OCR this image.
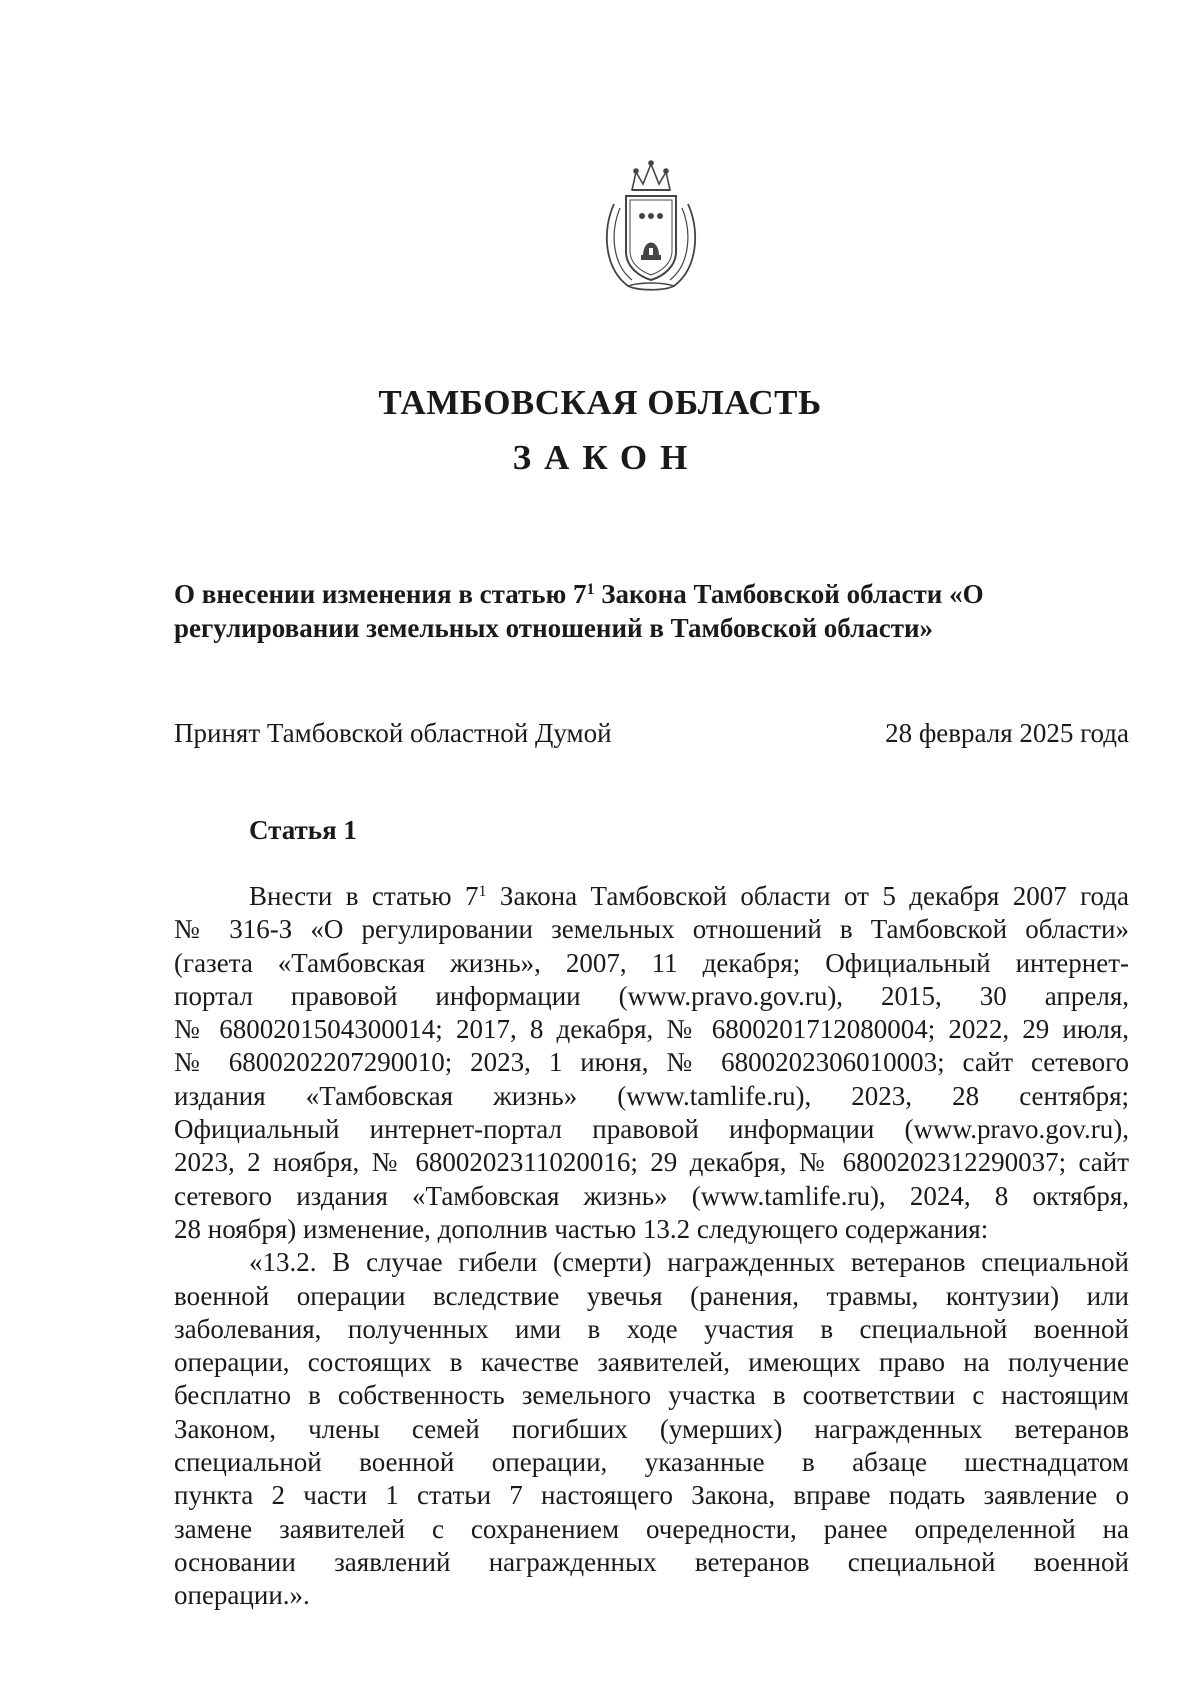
ТАМБОВСКАЯ ОБЛАСТЬ
ЗАКОН
О внесении изменения в статью $7^1$ Закона Тамбовской области «О
регулировании земельных отношений в Тамбовской области»
Принят Тамбовской областной Думой	28 февраля 2025 года
Статья 1
Внести в статью $7^1$ Закона Тамбовской области от 5 декабря 2007 года
№ 316-З «О регулировании земельных отношений в Тамбовской области»
(газета «Тамбовская жизнь», 2007, 11 декабря; Официальный интернет-
портал правовой информации (www.pravo.gov.ru), 2015, 30 апреля,
№ 6800201504300014; 2017, 8 декабря, № 6800201712080004; 2022, 29 июля,
№ 6800202207290010; 2023, 1 июня, № 6800202306010003; сайт сетевого
издания «Тамбовская жизнь» (www.tamlife.ru), 2023, 28 сентября;
Официальный интернет-портал правовой информации (www.pravo.gov.ru),
2023, 2 ноября, № 6800202311020016; 29 декабря, № 6800202312290037; сайт
сетевого издания «Тамбовская жизнь» (www.tamlife.ru), 2024, 8 октября,
28 ноября) изменение, дополнив частью 13.2 следующего содержания:
«13.2. В случае гибели (смерти) награжденных ветеранов специальной
военной операции вследствие увечья (ранения, травмы, контузии) или
заболевания, полученных ими в ходе участия в специальной военной
операции, состоящих в качестве заявителей, имеющих право на получение
бесплатно в собственность земельного участка в соответствии с настоящим
Законом, члены семей погибших (умерших) награжденных ветеранов
специальной военной операции, указанные в абзаце шестнадцатом
пункта 2 части 1 статьи 7 настоящего Закона, вправе подать заявление о
замене заявителей с сохранением очередности, ранее определенной на
основании заявлений награжденных ветеранов специальной военной
операции.».
